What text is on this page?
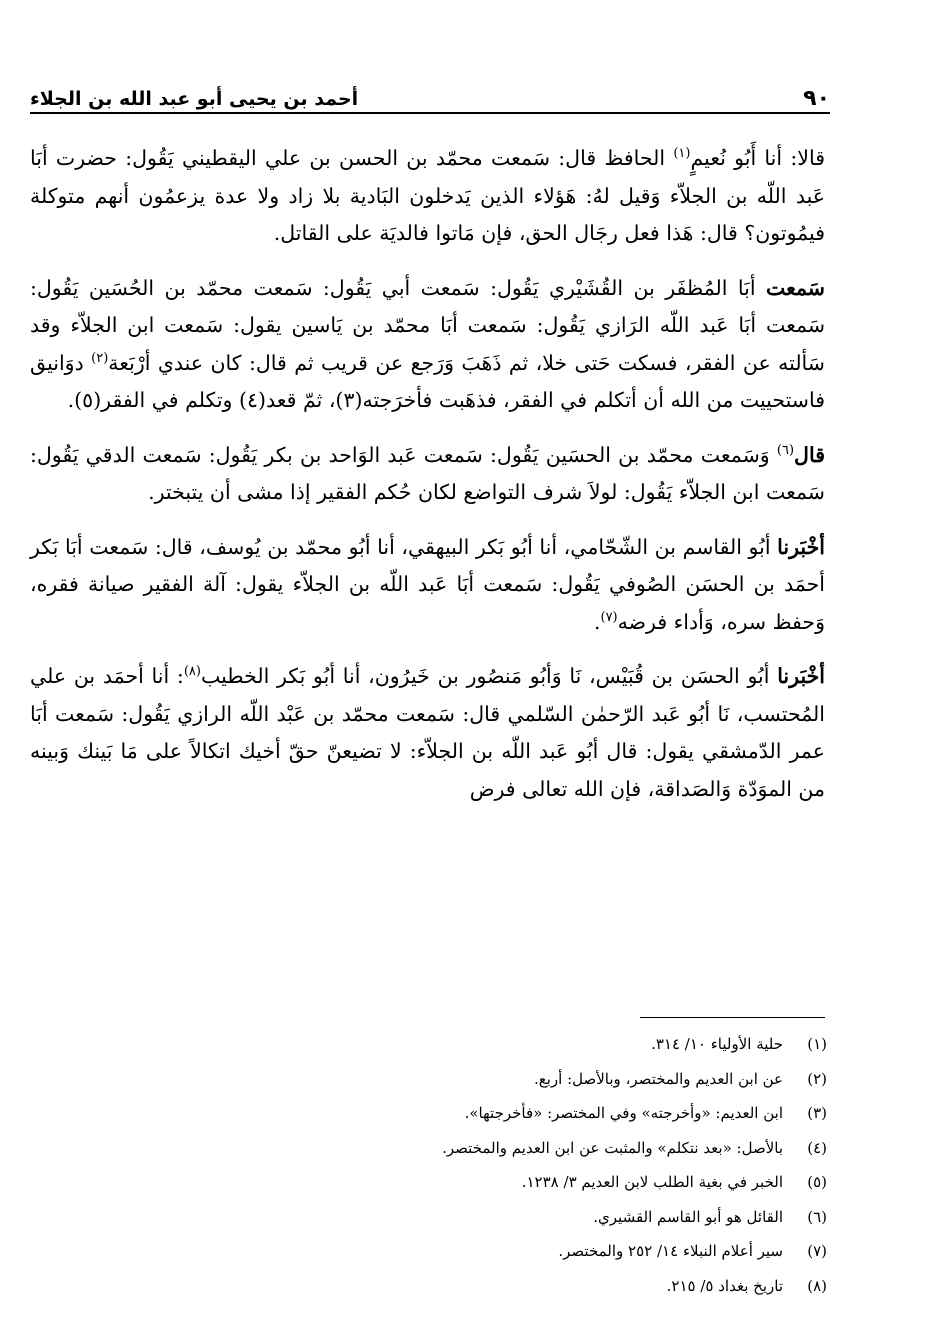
٩٠
أحمد بن يحيى أبو عبد الله بن الجلاء

قالا: أنا أَبُو نُعيمٍ$^{(١)}$ الحافظ قال: سَمعت محمّد بن الحسن بن علي اليقطيني يَقُول: حضرت أبَا عَبد اللّه بن الجلاّء وَقيل لهُ: هَؤلاء الذين يَدخلون البَادية بلا زاد ولا عدة يزعمُون أنهم متوكلة فيمُوتون؟ قال: هَذا فعل رجَال الحق، فإن مَاتوا فالديَة على القاتل.

سَمعت أبَا المُظفَر بن القُشَيْري يَقُول: سَمعت أبي يَقُول: سَمعت محمّد بن الحُسَين يَقُول: سَمعت أبَا عَبد اللّه الرَازي يَقُول: سَمعت أبَا محمّد بن يَاسين يقول: سَمعت ابن الجلاّء وقد سَألته عن الفقر، فسكت حَتى خلا، ثم ذَهَبَ وَرَجع عن قريب ثم قال: كان عندي أرْبَعة$^{(٢)}$ دوَانيق فاستحييت من الله أن أتكلم في الفقر، فذهَبت فأخرَجته(٣)، ثمّ قعد(٤) وتكلم في الفقر(٥).

قال$^{(٦)}$ وَسَمعت محمّد بن الحسَين يَقُول: سَمعت عَبد الوَاحد بن بكر يَقُول: سَمعت الدقي يَقُول: سَمعت ابن الجلاّء يَقُول: لولاَ شرف التواضع لكان حُكم الفقير إذا مشى أن يتبختر.

أخْبَرنا أبُو القاسم بن الشّحّامي، أنا أبُو بَكر البيهقي، أنا أبُو محمّد بن يُوسف، قال: سَمعت أبَا بَكر أحمَد بن الحسَن الصُوفي يَقُول: سَمعت أبَا عَبد اللّه بن الجلاّء يقول: آلة الفقير صيانة فقره، وَحفظ سره، وَأداء فرضه$^{(٧)}$.

أخْبَرنا أبُو الحسَن بن قُبَيْس، نَا وَأبُو مَنصُور بن خَيرُون، أنا أبُو بَكر الخطيب$^{(٨)}$: أنا أحمَد بن علي المُحتسب، نَا أبُو عَبد الرّحمٰن السّلمي قال: سَمعت محمّد بن عَبْد اللّه الرازي يَقُول: سَمعت أبَا عمر الدّمشقي يقول: قال أبُو عَبد اللّه بن الجلاّء: لا تضيعنّ حقّ أخيك اتكالاً على مَا بَينك وَبينه من الموَدّة وَالصَداقة، فإن الله تعالى فرض

(١)
حلية الأولياء ١٠/ ٣١٤.
(٢)
عن ابن العديم والمختصر، وبالأصل: أربع.
(٣)
ابن العديم: «وأخرجته» وفي المختصر: «فأخرجتها».
(٤)
بالأصل: «بعد نتكلم» والمثبت عن ابن العديم والمختصر.
(٥)
الخبر في بغية الطلب لابن العديم ٣/ ١٢٣٨.
(٦)
القائل هو أبو القاسم القشيري.
(٧)
سير أعلام النبلاء ١٤/ ٢٥٢ والمختصر.
(٨)
تاريخ بغداد ٥/ ٢١٥.
